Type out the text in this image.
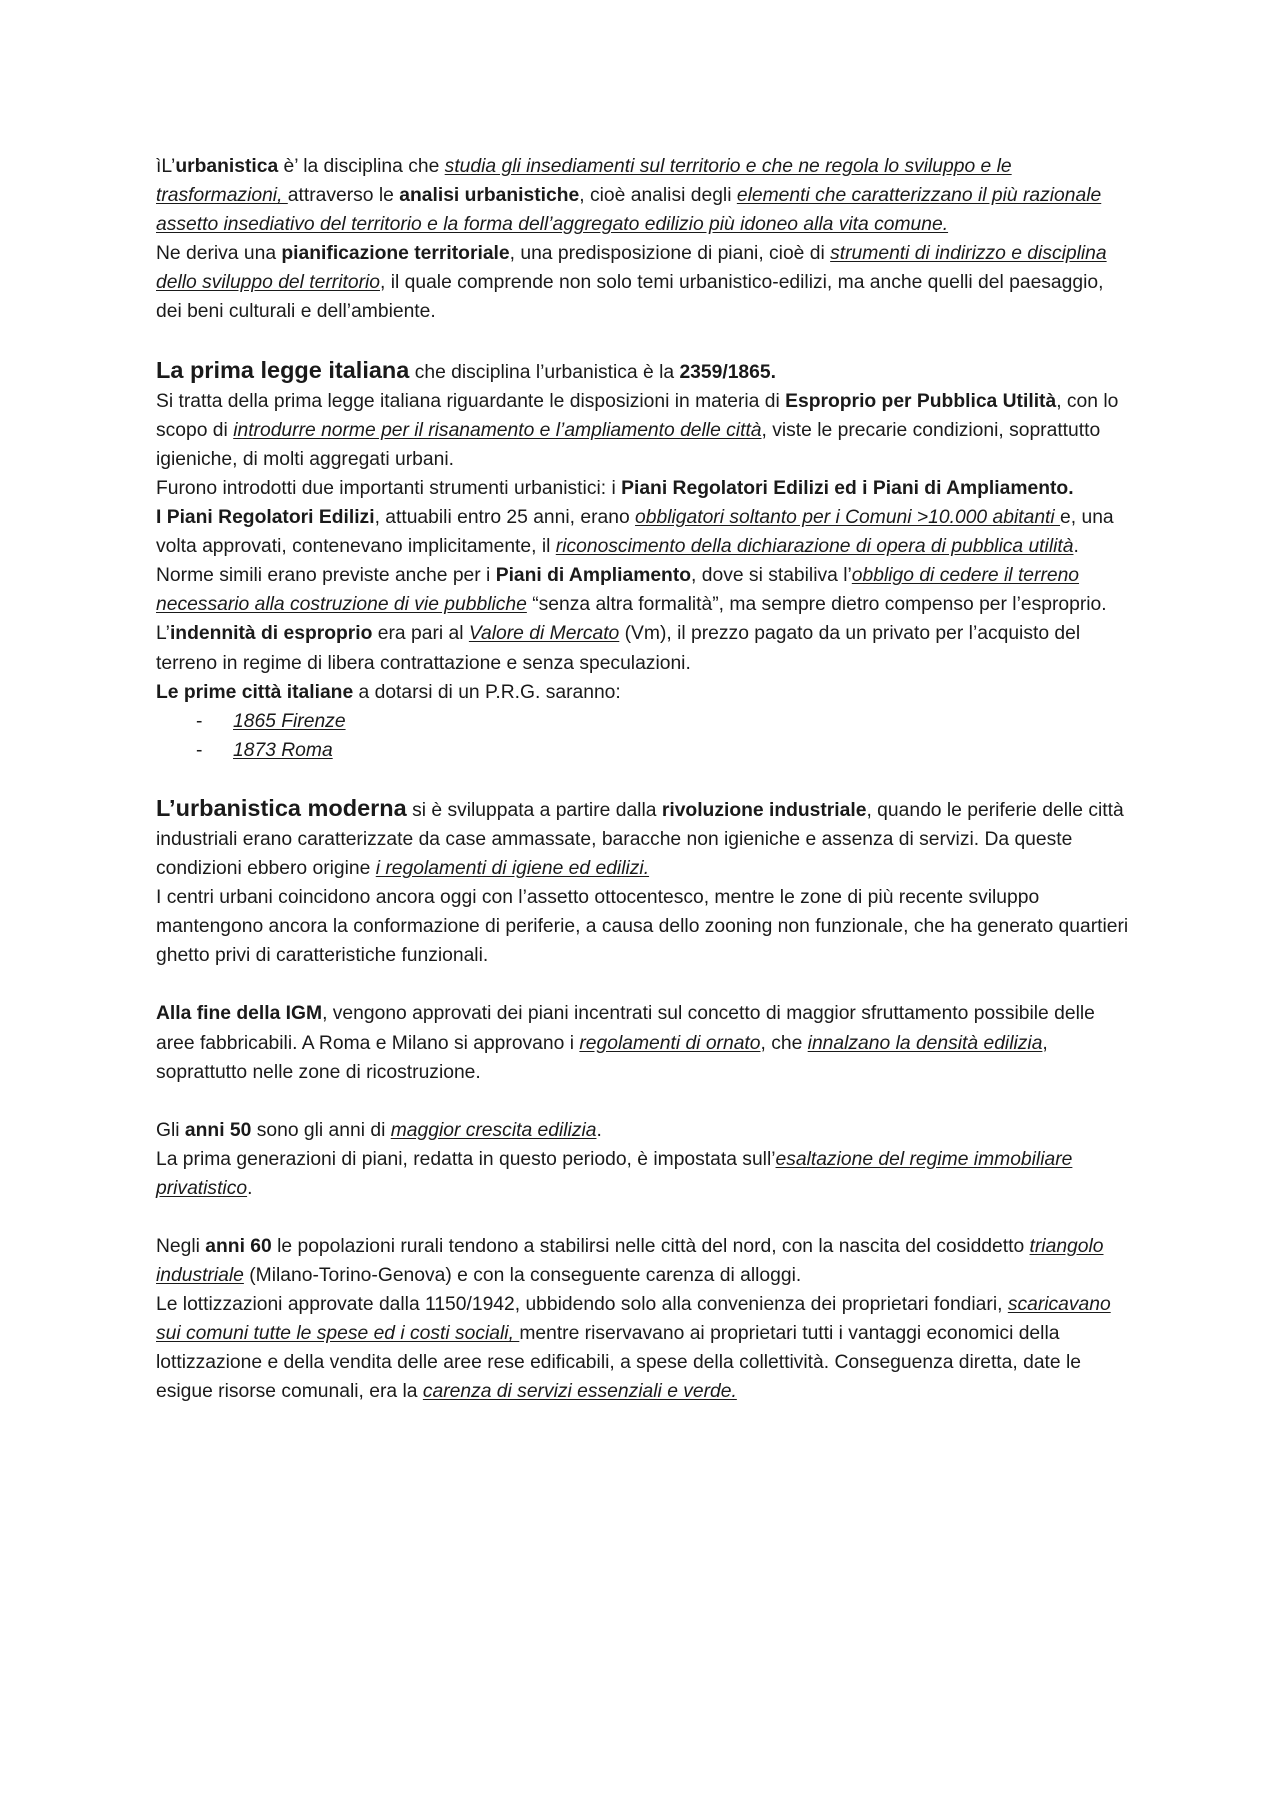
ìL’urbanistica è’ la disciplina che studia gli insediamenti sul territorio e che ne regola lo sviluppo e le trasformazioni, attraverso le analisi urbanistiche, cioè analisi degli elementi che caratterizzano il più razionale assetto insediativo del territorio e la forma dell’aggregato edilizio più idoneo alla vita comune.

Ne deriva una pianificazione territoriale, una predisposizione di piani, cioè di strumenti di indirizzo e disciplina dello sviluppo del territorio, il quale comprende non solo temi urbanistico-edilizi, ma anche quelli del paesaggio, dei beni culturali e dell’ambiente.

La prima legge italiana che disciplina l’urbanistica è la 2359/1865.

Si tratta della prima legge italiana riguardante le disposizioni in materia di Esproprio per Pubblica Utilità, con lo scopo di introdurre norme per il risanamento e l’ampliamento delle città, viste le precarie condizioni, soprattutto igieniche, di molti aggregati urbani.

Furono introdotti due importanti strumenti urbanistici: i Piani Regolatori Edilizi ed i Piani di Ampliamento.

I Piani Regolatori Edilizi, attuabili entro 25 anni, erano obbligatori soltanto per i Comuni >10.000 abitanti e, una volta approvati, contenevano implicitamente, il riconoscimento della dichiarazione di opera di pubblica utilità.

Norme simili erano previste anche per i Piani di Ampliamento, dove si stabiliva l’obbligo di cedere il terreno necessario alla costruzione di vie pubbliche “senza altra formalità”, ma sempre dietro compenso per l’esproprio.

L’indennità di esproprio era pari al Valore di Mercato (Vm), il prezzo pagato da un privato per l’acquisto del terreno in regime di libera contrattazione e senza speculazioni.

Le prime città italiane a dotarsi di un P.R.G. saranno:

- 1865 Firenze
- 1873 Roma

L’urbanistica moderna si è sviluppata a partire dalla rivoluzione industriale, quando le periferie delle città industriali erano caratterizzate da case ammassate, baracche non igieniche e assenza di servizi. Da queste condizioni ebbero origine i regolamenti di igiene ed edilizi.

I centri urbani coincidono ancora oggi con l’assetto ottocentesco, mentre le zone di più recente sviluppo mantengono ancora la conformazione di periferie, a causa dello zooning non funzionale, che ha generato quartieri ghetto privi di caratteristiche funzionali.

Alla fine della IGM, vengono approvati dei piani incentrati sul concetto di maggior sfruttamento possibile delle aree fabbricabili. A Roma e Milano si approvano i regolamenti di ornato, che innalzano la densità edilizia, soprattutto nelle zone di ricostruzione.

Gli anni 50 sono gli anni di maggior crescita edilizia.

La prima generazioni di piani, redatta in questo periodo, è impostata sull’esaltazione del regime immobiliare privatistico.

Negli anni 60 le popolazioni rurali tendono a stabilirsi nelle città del nord, con la nascita del cosiddetto triangolo industriale (Milano-Torino-Genova) e con la conseguente carenza di alloggi.

Le lottizzazioni approvate dalla 1150/1942, ubbidendo solo alla convenienza dei proprietari fondiari, scaricavano sui comuni tutte le spese ed i costi sociali, mentre riservavano ai proprietari tutti i vantaggi economici della lottizzazione e della vendita delle aree rese edificabili, a spese della collettività. Conseguenza diretta, date le esigue risorse comunali, era la carenza di servizi essenziali e verde.
